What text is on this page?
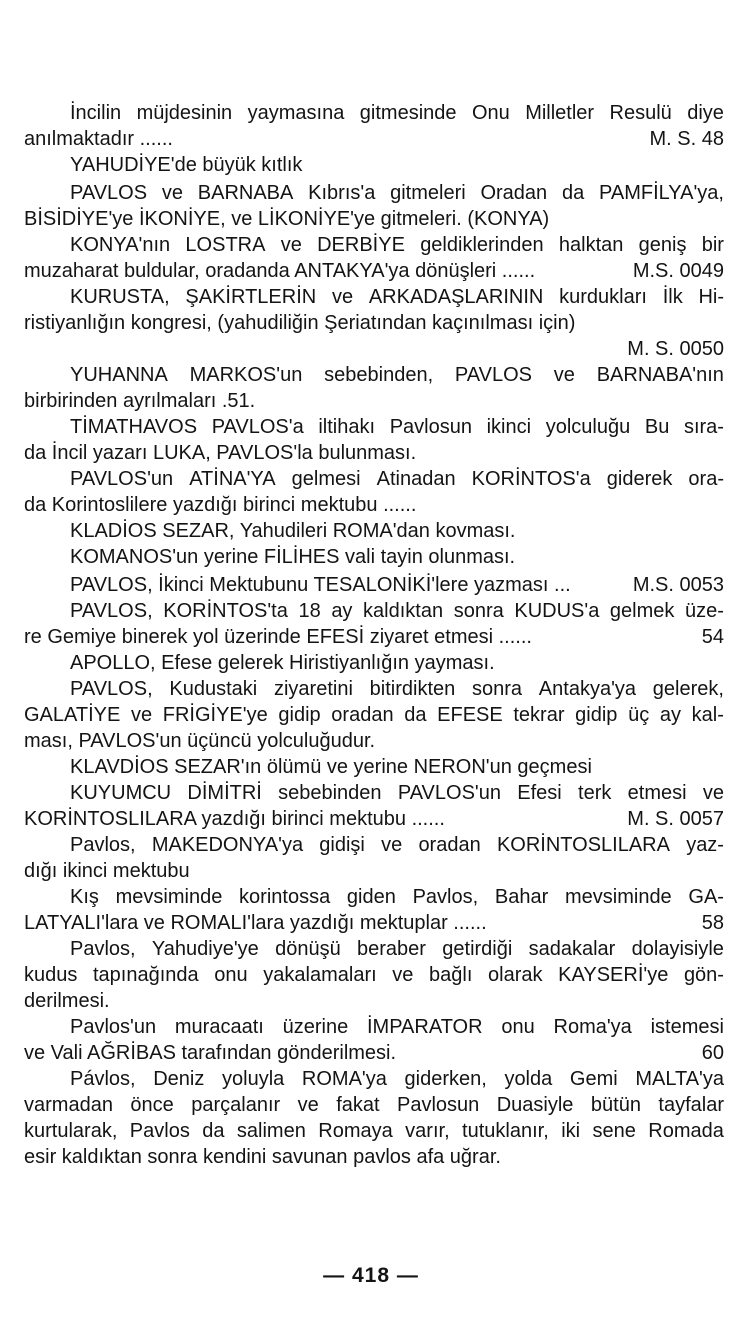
İncilin müjdesinin yaymasına gitmesinde Onu Milletler Resulü diye
anılmaktadır ......	M. S. 48
YAHUDİYE'de büyük kıtlık
PAVLOS ve BARNABA Kıbrıs'a gitmeleri Oradan da PAMFİLYA'ya,
BİSİDİYE'ye İKONİYE, ve LİKONİYE'ye gitmeleri. (KONYA)
KONYA'nın LOSTRA ve DERBİYE geldiklerinden halktan geniş bir
muzaharat buldular, oradanda ANTAKYA'ya dönüşleri ......	M.S. 0049
KURUSTA, ŞAKİRTLERİN ve ARKADAŞLARININ kurdukları İlk Hi-
ristiyanlığın kongresi, (yahudiliğin Şeriatından kaçınılması için)
M. S. 0050
YUHANNA MARKOS'un sebebinden, PAVLOS ve BARNABA'nın
birbirinden ayrılmaları .51.
TİMATHAVOS PAVLOS'a iltihakı Pavlosun ikinci yolculuğu Bu sıra-
da İncil yazarı LUKA, PAVLOS'la bulunması.
PAVLOS'un ATİNA'YA gelmesi Atinadan KORİNTOS'a giderek ora-
da Korintoslilere yazdığı birinci mektubu ......
KLADİOS SEZAR, Yahudileri ROMA'dan kovması.
KOMANOS'un yerine FİLİHES vali tayin olunması.
PAVLOS, İkinci Mektubunu TESALONİKİ'lere yazması ...	M.S. 0053
PAVLOS, KORİNTOS'ta 18 ay kaldıktan sonra KUDUS'a gelmek üze-
re Gemiye binerek yol üzerinde EFESİ ziyaret etmesi ......	54
APOLLO, Efese gelerek Hiristiyanlığın yayması.
PAVLOS, Kudustaki ziyaretini bitirdikten sonra Antakya'ya gelerek,
GALATİYE ve FRİGİYE'ye gidip oradan da EFESE tekrar gidip üç ay kal-
ması, PAVLOS'un üçüncü yolculuğudur.
KLAVDİOS SEZAR'ın ölümü ve yerine NERON'un geçmesi
KUYUMCU DİMİTRİ sebebinden PAVLOS'un Efesi terk etmesi ve
KORİNTOSLILARA yazdığı birinci mektubu ......	M. S. 0057
Pavlos, MAKEDONYA'ya gidişi ve oradan KORİNTOSLILARA yaz-
dığı ikinci mektubu
Kış mevsiminde korintossa giden Pavlos, Bahar mevsiminde GA-
LATYALI'lara ve ROMALI'lara yazdığı mektuplar ......	58
Pavlos, Yahudiye'ye dönüşü beraber getirdiği sadakalar dolayisiyle
kudus tapınağında onu yakalamaları ve bağlı olarak KAYSERİ'ye gön-
derilmesi.
Pavlos'un muracaatı üzerine İMPARATOR onu Roma'ya istemesi
ve Vali AĞRİBAS tarafından gönderilmesi.	60
Pávlos, Deniz yoluyla ROMA'ya giderken, yolda Gemi MALTA'ya
varmadan önce parçalanır ve fakat Pavlosun Duasiyle bütün tayfalar
kurtularak, Pavlos da salimen Romaya varır, tutuklanır, iki sene Romada
esir kaldıktan sonra kendini savunan pavlos afa uğrar.
— 418 —
